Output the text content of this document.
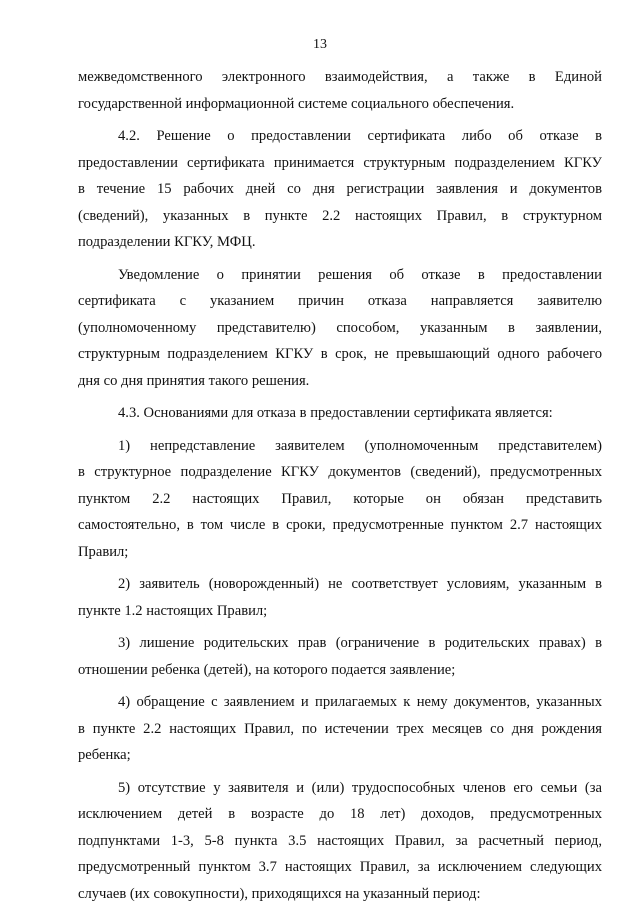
13
межведомственного электронного взаимодействия, а также в Единой
государственной информационной системе социального обеспечения.
4.2. Решение о предоставлении сертификата либо об отказе в
предоставлении сертификата принимается структурным подразделением КГКУ
в течение 15 рабочих дней со дня регистрации заявления и документов
(сведений), указанных в пункте 2.2 настоящих Правил, в структурном
подразделении КГКУ, МФЦ.
Уведомление о принятии решения об отказе в предоставлении
сертификата с указанием причин отказа направляется заявителю
(уполномоченному представителю) способом, указанным в заявлении,
структурным подразделением КГКУ в срок, не превышающий одного рабочего
дня со дня принятия такого решения.
4.3. Основаниями для отказа в предоставлении сертификата является:
1) непредставление заявителем (уполномоченным представителем)
в структурное подразделение КГКУ документов (сведений), предусмотренных
пунктом 2.2 настоящих Правил, которые он обязан представить
самостоятельно, в том числе в сроки, предусмотренные пунктом 2.7 настоящих
Правил;
2) заявитель (новорожденный) не соответствует условиям, указанным в
пункте 1.2 настоящих Правил;
3) лишение родительских прав (ограничение в родительских правах) в
отношении ребенка (детей), на которого подается заявление;
4) обращение с заявлением и прилагаемых к нему документов, указанных
в пункте 2.2 настоящих Правил, по истечении трех месяцев со дня рождения
ребенка;
5) отсутствие у заявителя и (или) трудоспособных членов его семьи (за
исключением детей в возрасте до 18 лет) доходов, предусмотренных
подпунктами 1-3, 5-8 пункта 3.5 настоящих Правил, за расчетный период,
предусмотренный пунктом 3.7 настоящих Правил, за исключением следующих
случаев (их совокупности), приходящихся на указанный период:
